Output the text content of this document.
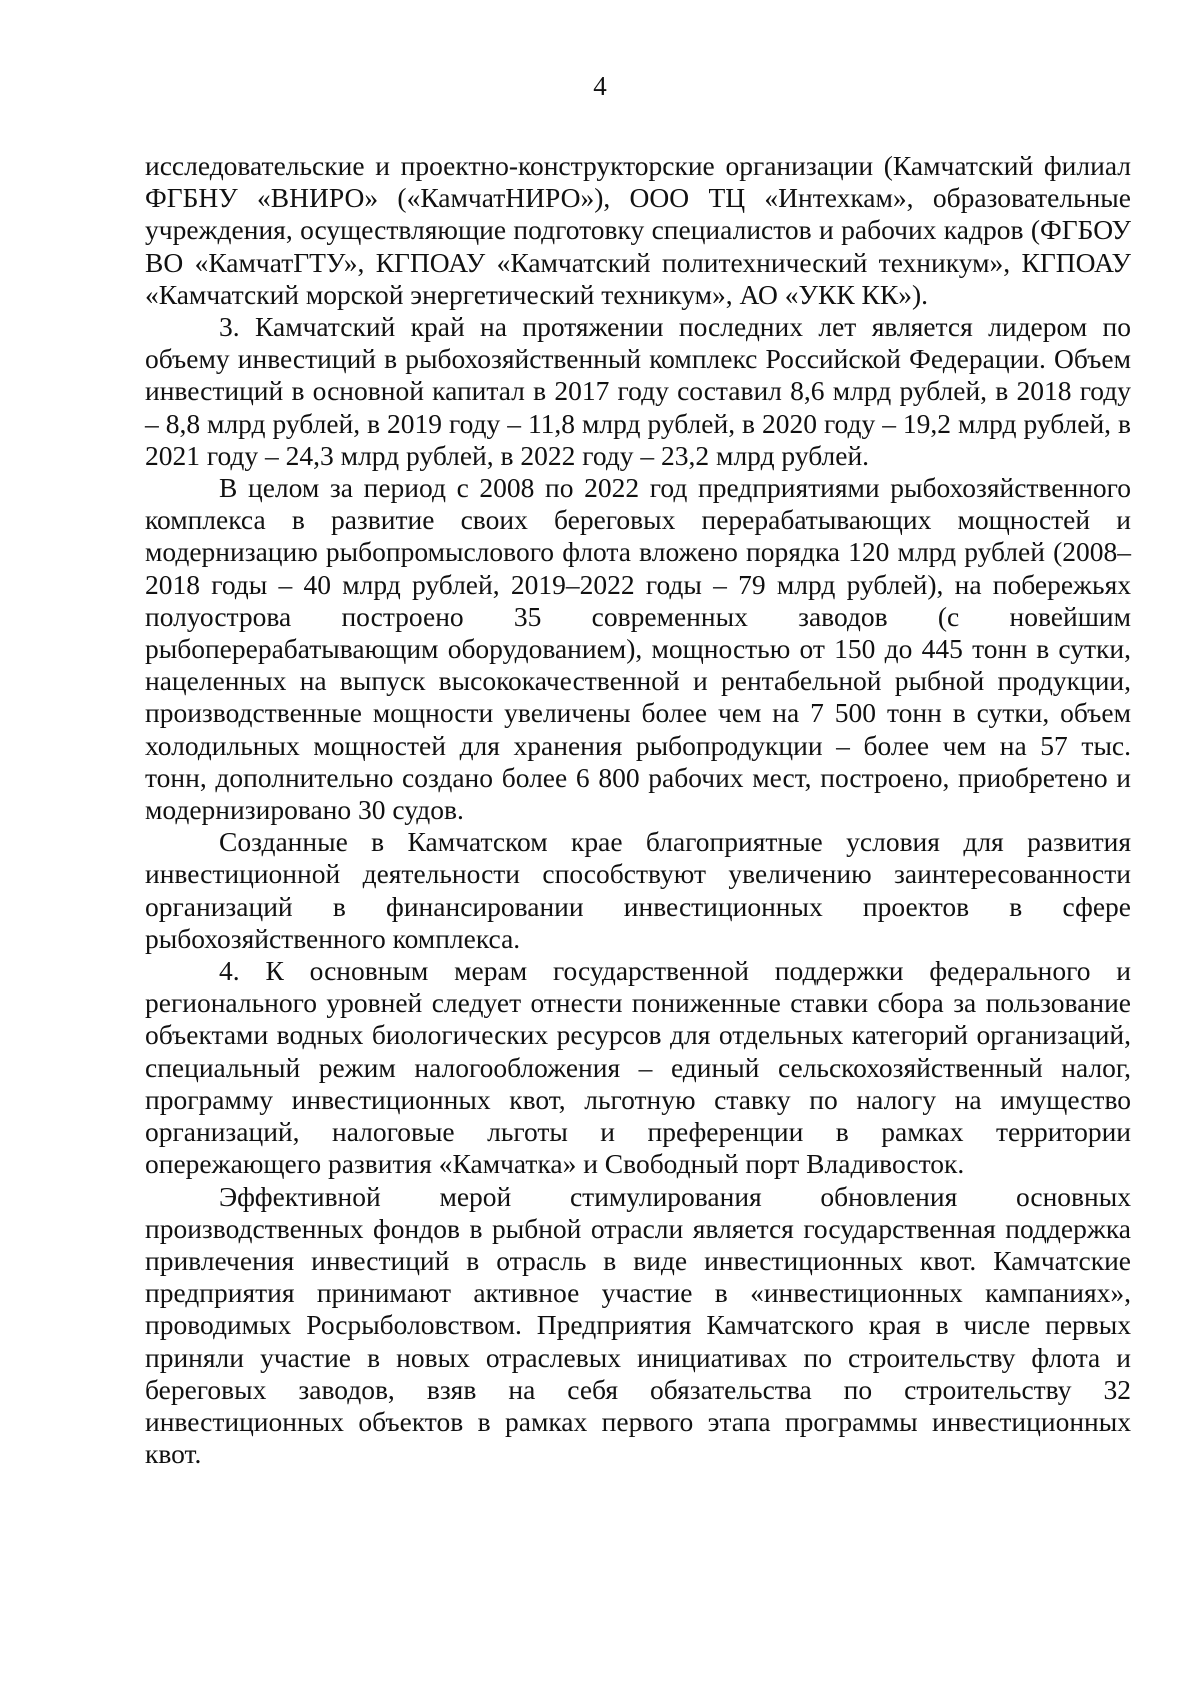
4

исследовательские и проектно-конструкторские организации (Камчатский филиал ФГБНУ «ВНИРО» («КамчатНИРО»), ООО ТЦ «Интехкам», образовательные учреждения, осуществляющие подготовку специалистов и рабочих кадров (ФГБОУ ВО «КамчатГТУ», КГПОАУ «Камчатский политехнический техникум», КГПОАУ «Камчатский морской энергетический техникум», АО «УКК КК»).

3. Камчатский край на протяжении последних лет является лидером по объему инвестиций в рыбохозяйственный комплекс Российской Федерации. Объем инвестиций в основной капитал в 2017 году составил 8,6 млрд рублей, в 2018 году – 8,8 млрд рублей, в 2019 году – 11,8 млрд рублей, в 2020 году – 19,2 млрд рублей, в 2021 году – 24,3 млрд рублей, в 2022 году – 23,2 млрд рублей.

В целом за период с 2008 по 2022 год предприятиями рыбохозяйственного комплекса в развитие своих береговых перерабатывающих мощностей и модернизацию рыбопромыслового флота вложено порядка 120 млрд рублей (2008–2018 годы – 40 млрд рублей, 2019–2022 годы – 79 млрд рублей), на побережьях полуострова построено 35 современных заводов (с новейшим рыбоперерабатывающим оборудованием), мощностью от 150 до 445 тонн в сутки, нацеленных на выпуск высококачественной и рентабельной рыбной продукции, производственные мощности увеличены более чем на 7 500 тонн в сутки, объем холодильных мощностей для хранения рыбопродукции – более чем на 57 тыс. тонн, дополнительно создано более 6 800 рабочих мест, построено, приобретено и модернизировано 30 судов.

Созданные в Камчатском крае благоприятные условия для развития инвестиционной деятельности способствуют увеличению заинтересованности организаций в финансировании инвестиционных проектов в сфере рыбохозяйственного комплекса.

4. К основным мерам государственной поддержки федерального и регионального уровней следует отнести пониженные ставки сбора за пользование объектами водных биологических ресурсов для отдельных категорий организаций, специальный режим налогообложения – единый сельскохозяйственный налог, программу инвестиционных квот, льготную ставку по налогу на имущество организаций, налоговые льготы и преференции в рамках территории опережающего развития «Камчатка» и Свободный порт Владивосток.

Эффективной мерой стимулирования обновления основных производственных фондов в рыбной отрасли является государственная поддержка привлечения инвестиций в отрасль в виде инвестиционных квот. Камчатские предприятия принимают активное участие в «инвестиционных кампаниях», проводимых Росрыболовством. Предприятия Камчатского края в числе первых приняли участие в новых отраслевых инициативах по строительству флота и береговых заводов, взяв на себя обязательства по строительству 32 инвестиционных объектов в рамках первого этапа программы инвестиционных квот.
